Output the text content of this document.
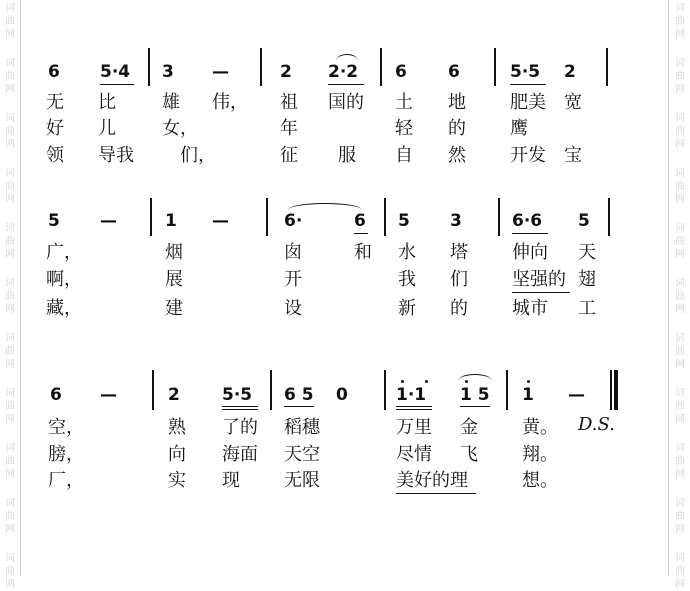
词曲网
词曲网
词曲网
词曲网
词曲网
词曲网
词曲网
词曲网
词曲网
词曲网
词曲网
词曲网
词曲网
词曲网
词曲网
词曲网
词曲网
词曲网
词曲网
词曲网
词曲网
词曲网
6 5·4 3 —	2 2·2 6 6	5·5 2
无 比	雄 伟， 祖 国的 土 地 肥美 宽
好 儿	女，	年	轻 的 鹰
领 导我	们，	征 服 自 然 开发 宝
5 —	1 —	6·	6 5 3	6·6 5
广，	烟	囱	和 水 塔 伸向 天
啊，	展	开	我 们 坚强的 翅
藏，	建	设	新 的 城市 工
6 —	2 5·5 6 5 0	1·1 1 5 1 —
空，	熟 了的 稻穗	万里 金 黄。
膀，	向 海面 天空	尽情 飞 翔。
厂，	实 现 无限	美好的理	想。
D.S.
